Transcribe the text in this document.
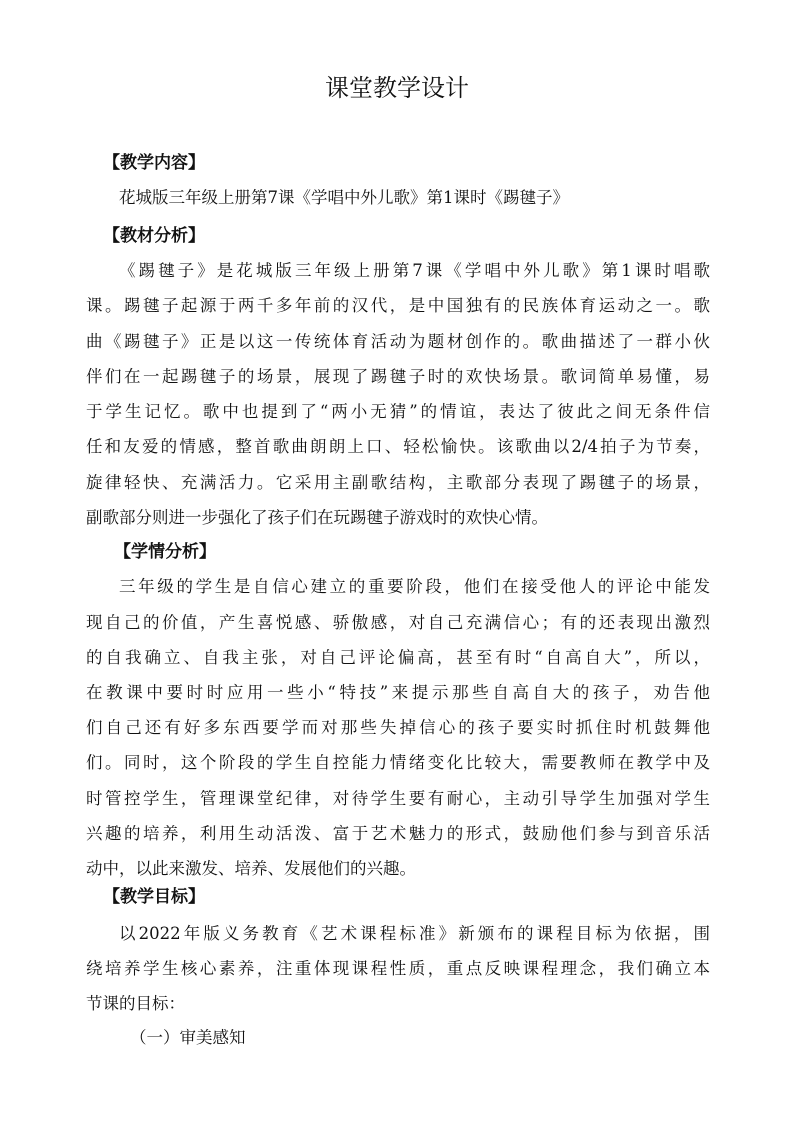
课堂教学设计

【教学内容】

花城版三年级上册第7课《学唱中外儿歌》第1课时《踢毽子》

【教材分析】

《踢毽子》是花城版三年级上册第7课《学唱中外儿歌》第1课时唱歌

课。踢毽子起源于两千多年前的汉代，是中国独有的民族体育运动之一。歌

曲《踢毽子》正是以这一传统体育活动为题材创作的。歌曲描述了一群小伙

伴们在一起踢毽子的场景，展现了踢毽子时的欢快场景。歌词简单易懂，易

于学生记忆。歌中也提到了“两小无猜”的情谊，表达了彼此之间无条件信

任和友爱的情感，整首歌曲朗朗上口、轻松愉快。该歌曲以2/4拍子为节奏，

旋律轻快、充满活力。它采用主副歌结构，主歌部分表现了踢毽子的场景，

副歌部分则进一步强化了孩子们在玩踢毽子游戏时的欢快心情。

【学情分析】

三年级的学生是自信心建立的重要阶段，他们在接受他人的评论中能发

现自己的价值，产生喜悦感、骄傲感，对自己充满信心；有的还表现出激烈

的自我确立、自我主张，对自己评论偏高，甚至有时“自高自大”，所以，

在教课中要时时应用一些小“特技”来提示那些自高自大的孩子，劝告他

们自己还有好多东西要学而对那些失掉信心的孩子要实时抓住时机鼓舞他

们。同时，这个阶段的学生自控能力情绪变化比较大，需要教师在教学中及

时管控学生，管理课堂纪律，对待学生要有耐心，主动引导学生加强对学生

兴趣的培养，利用生动活泼、富于艺术魅力的形式，鼓励他们参与到音乐活

动中，以此来激发、培养、发展他们的兴趣。

【教学目标】

以2022年版义务教育《艺术课程标准》新颁布的课程目标为依据，围

绕培养学生核心素养，注重体现课程性质，重点反映课程理念，我们确立本

节课的目标：

（一）审美感知
